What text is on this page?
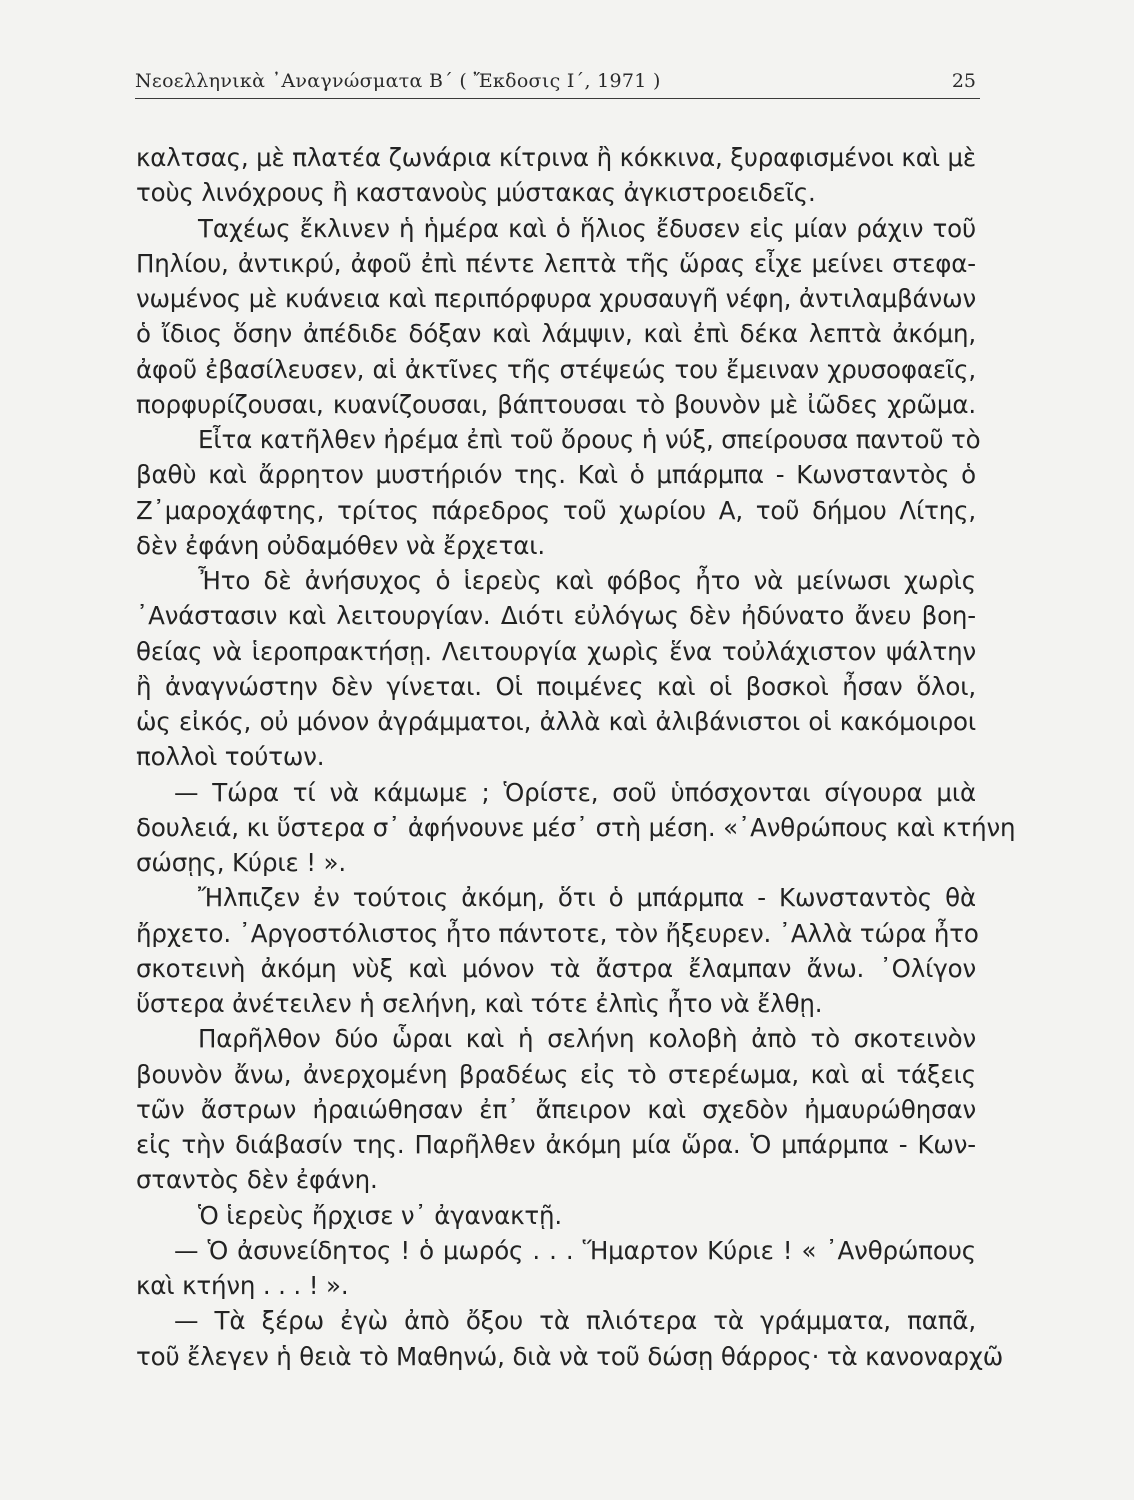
Νεοελληνικὰ ᾿Αναγνώσματα Β΄ ( Ἔκδοσις Ι΄, 1971 )	25
καλτσας, μὲ πλατέα ζωνάρια κίτρινα ἢ κόκκινα, ξυραφισμένοι καὶ μὲ
τοὺς λινόχρους ἢ καστανοὺς μύστακας ἀγκιστροειδεῖς.
Ταχέως ἔκλινεν ἡ ἡμέρα καὶ ὁ ἥλιος ἔδυσεν εἰς μίαν ράχιν τοῦ
Πηλίου, ἀντικρύ, ἀφοῦ ἐπὶ πέντε λεπτὰ τῆς ὥρας εἶχε μείνει στεφα-
νωμένος μὲ κυάνεια καὶ περιπόρφυρα χρυσαυγῆ νέφη, ἀντιλαμβάνων
ὁ ἴδιος ὅσην ἀπέδιδε δόξαν καὶ λάμψιν, καὶ ἐπὶ δέκα λεπτὰ ἀκόμη,
ἀφοῦ ἐβασίλευσεν, αἱ ἀκτῖνες τῆς στέψεώς του ἔμειναν χρυσοφαεῖς,
πορφυρίζουσαι, κυανίζουσαι, βάπτουσαι τὸ βουνὸν μὲ ἰῶδες χρῶμα.
Εἶτα κατῆλθεν ἠρέμα ἐπὶ τοῦ ὄρους ἡ νύξ, σπείρουσα παντοῦ τὸ
βαθὺ καὶ ἄρρητον μυστήριόν της. Καὶ ὁ μπάρμπα - Κωνσταντὸς ὁ
Ζ᾿μαροχάφτης, τρίτος πάρεδρος τοῦ χωρίου Α, τοῦ δήμου Λίτης,
δὲν ἐφάνη οὐδαμόθεν νὰ ἔρχεται.
Ἦτο δὲ ἀνήσυχος ὁ ἱερεὺς καὶ φόβος ἦτο νὰ μείνωσι χωρὶς
᾿Ανάστασιν καὶ λειτουργίαν. Διότι εὐλόγως δὲν ἠδύνατο ἄνευ βοη-
θείας νὰ ἱεροπρακτήσῃ. Λειτουργία χωρὶς ἕνα τοὐλάχιστον ψάλτην
ἢ ἀναγνώστην δὲν γίνεται. Οἱ ποιμένες καὶ οἱ βοσκοὶ ἦσαν ὅλοι,
ὡς εἰκός, οὐ μόνον ἀγράμματοι, ἀλλὰ καὶ ἀλιβάνιστοι οἱ κακόμοιροι
πολλοὶ τούτων.
— Τώρα τί νὰ κάμωμε ; Ὁρίστε, σοῦ ὑπόσχονται σίγουρα μιὰ
δουλειά, κι ὕστερα σ᾿ ἀφήνουνε μέσ᾿ στὴ μέση. «᾿Ανθρώπους καὶ κτήνη
σώσῃς, Κύριε ! ».
Ἤλπιζεν ἐν τούτοις ἀκόμη, ὅτι ὁ μπάρμπα - Κωνσταντὸς θὰ
ἤρχετο. ᾿Αργοστόλιστος ἦτο πάντοτε, τὸν ἤξευρεν. ᾿Αλλὰ τώρα ἦτο
σκοτεινὴ ἀκόμη νὺξ καὶ μόνον τὰ ἄστρα ἔλαμπαν ἄνω. ᾿Ολίγον
ὕστερα ἀνέτειλεν ἡ σελήνη, καὶ τότε ἐλπὶς ἦτο νὰ ἔλθῃ.
Παρῆλθον δύο ὧραι καὶ ἡ σελήνη κολοβὴ ἀπὸ τὸ σκοτεινὸν
βουνὸν ἄνω, ἀνερχομένη βραδέως εἰς τὸ στερέωμα, καὶ αἱ τάξεις
τῶν ἄστρων ἠραιώθησαν ἐπ᾿ ἄπειρον καὶ σχεδὸν ἠμαυρώθησαν
εἰς τὴν διάβασίν της. Παρῆλθεν ἀκόμη μία ὥρα. Ὁ μπάρμπα - Κων-
σταντὸς δὲν ἐφάνη.
Ὁ ἱερεὺς ἤρχισε ν᾿ ἀγανακτῇ.
— Ὁ ἀσυνείδητος ! ὁ μωρός . . . Ἥμαρτον Κύριε ! « ᾿Ανθρώπους
καὶ κτήνη . . . ! ».
— Τὰ ξέρω ἐγὼ ἀπὸ ὄξου τὰ πλιότερα τὰ γράμματα, παπᾶ,
τοῦ ἔλεγεν ἡ θειὰ τὸ Μαθηνώ, διὰ νὰ τοῦ δώσῃ θάρρος· τὰ κανοναρχῶ
